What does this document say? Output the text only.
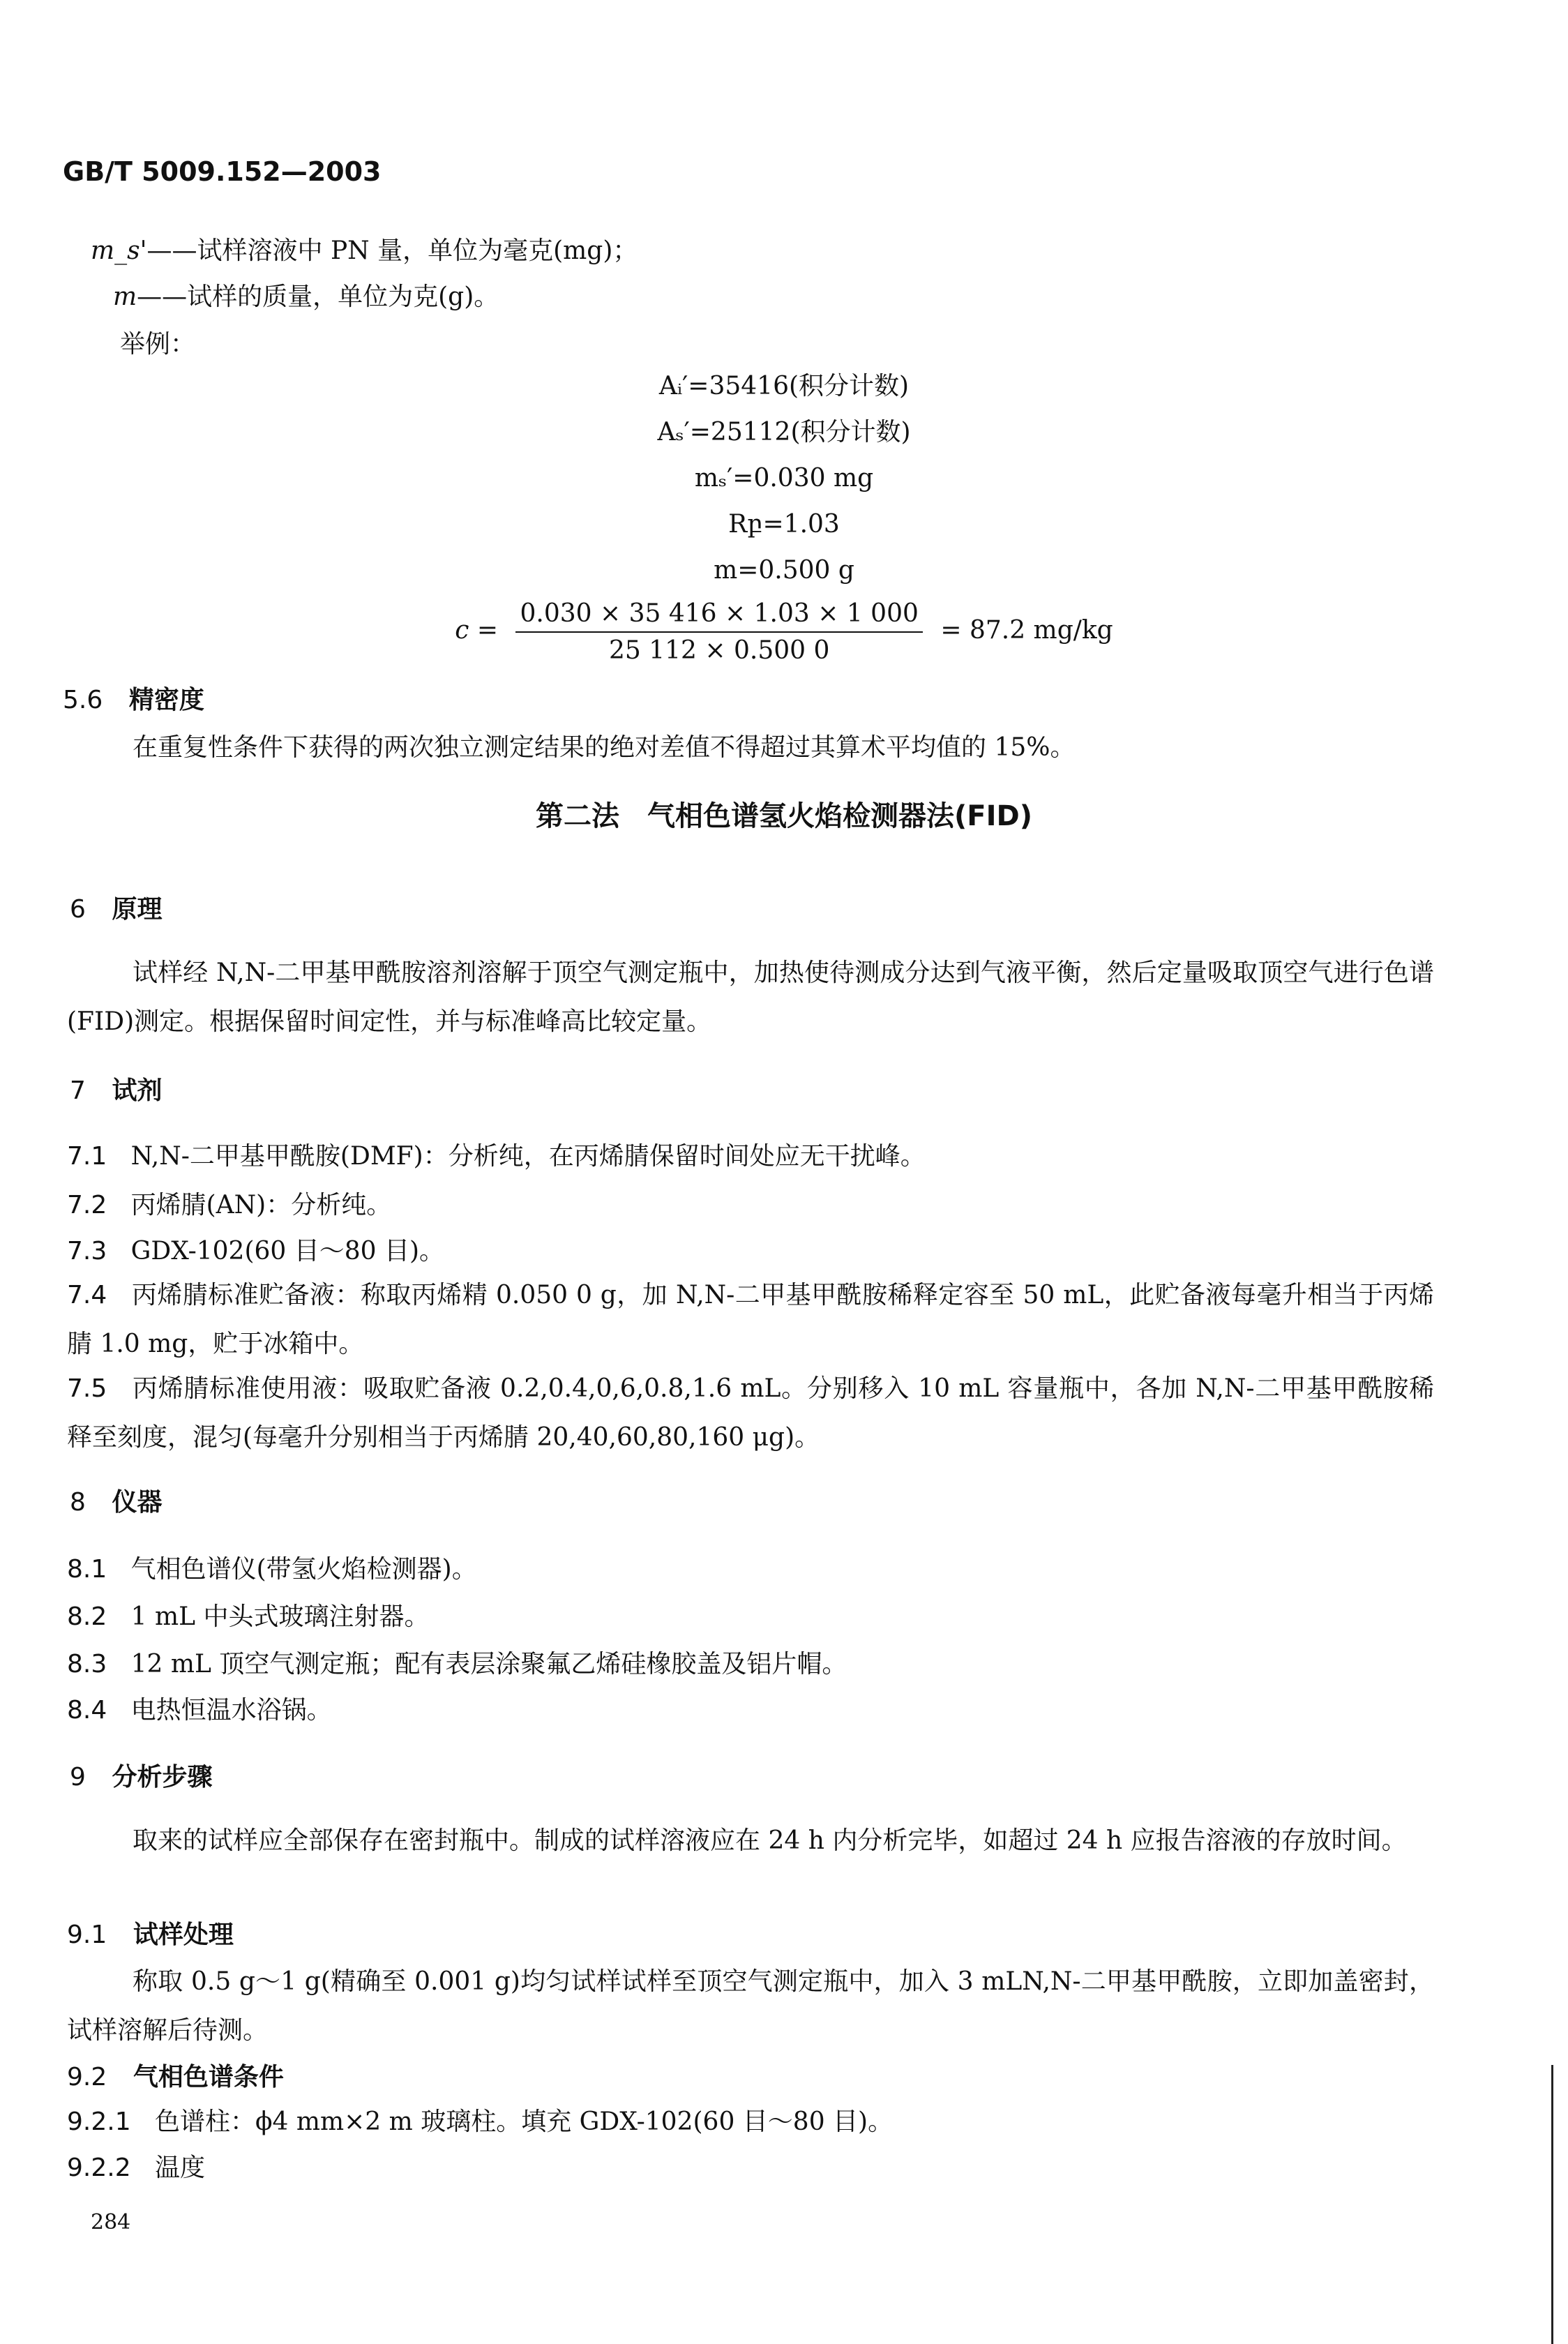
GB/T 5009.152—2003
m_s'——试样溶液中 PN 量，单位为毫克(mg)；
m——试样的质量，单位为克(g)。
举例：
Aᵢ′=35416(积分计数)
Aₛ′=25112(积分计数)
mₛ′=0.030 mg
Rբ=1.03
m=0.500 g
$c = \frac{0.030 \times 35 416 \times 1.03 \times 1 000}{25 112 \times 0.500 0} = 87.2$ mg/kg
5.6 精密度
在重复性条件下获得的两次独立测定结果的绝对差值不得超过其算术平均值的 15%。
第二法　气相色谱氢火焰检测器法(FID)
6 原理
试样经 N,N-二甲基甲酰胺溶剂溶解于顶空气测定瓶中，加热使待测成分达到气液平衡，然后定量吸取顶空气进行色谱(FID)测定。根据保留时间定性，并与标准峰高比较定量。
7 试剂
7.1 N,N-二甲基甲酰胺(DMF)：分析纯，在丙烯腈保留时间处应无干扰峰。
7.2 丙烯腈(AN)：分析纯。
7.3 GDX-102(60 目～80 目)。
7.4 丙烯腈标准贮备液：称取丙烯精 0.050 0 g，加 N,N-二甲基甲酰胺稀释定容至 50 mL，此贮备液每毫升相当于丙烯腈 1.0 mg，贮于冰箱中。
7.5 丙烯腈标准使用液：吸取贮备液 0.2,0.4,0,6,0.8,1.6 mL。分别移入 10 mL 容量瓶中，各加 N,N-二甲基甲酰胺稀释至刻度，混匀(每毫升分别相当于丙烯腈 20,40,60,80,160 μg)。
8 仪器
8.1 气相色谱仪(带氢火焰检测器)。
8.2 1 mL 中头式玻璃注射器。
8.3 12 mL 顶空气测定瓶；配有表层涂聚氟乙烯硅橡胶盖及铝片帽。
8.4 电热恒温水浴锅。
9 分析步骤
取来的试样应全部保存在密封瓶中。制成的试样溶液应在 24 h 内分析完毕，如超过 24 h 应报告溶液的存放时间。
9.1 试样处理
称取 0.5 g～1 g(精确至 0.001 g)均匀试样试样至顶空气测定瓶中，加入 3 mLN,N-二甲基甲酰胺，立即加盖密封，试样溶解后待测。
9.2 气相色谱条件
9.2.1 色谱柱：ϕ4 mm×2 m 玻璃柱。填充 GDX-102(60 目～80 目)。
9.2.2 温度
284
